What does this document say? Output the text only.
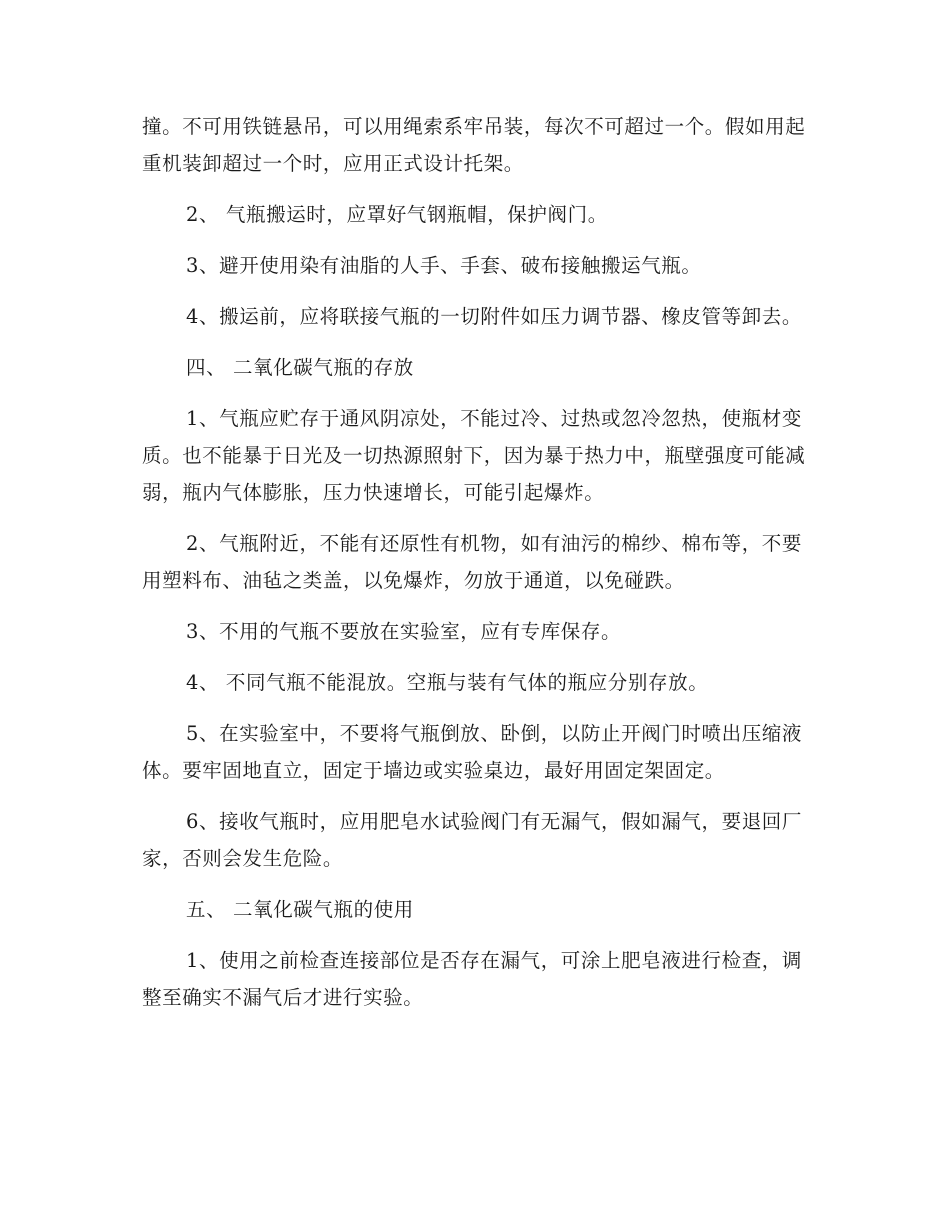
撞。不可用铁链悬吊，可以用绳索系牢吊装，每次不可超过一个。假如用起重机装卸超过一个时，应用正式设计托架。

2、 气瓶搬运时，应罩好气钢瓶帽，保护阀门。

3、避开使用染有油脂的人手、手套、破布接触搬运气瓶。

4、搬运前，应将联接气瓶的一切附件如压力调节器、橡皮管等卸去。

四、 二氧化碳气瓶的存放

1、气瓶应贮存于通风阴凉处，不能过冷、过热或忽冷忽热，使瓶材变质。也不能暴于日光及一切热源照射下，因为暴于热力中，瓶壁强度可能减弱，瓶内气体膨胀，压力快速增长，可能引起爆炸。

2、气瓶附近，不能有还原性有机物，如有油污的棉纱、棉布等，不要用塑料布、油毡之类盖，以免爆炸，勿放于通道，以免碰跌。

3、不用的气瓶不要放在实验室，应有专库保存。

4、 不同气瓶不能混放。空瓶与装有气体的瓶应分别存放。

5、在实验室中，不要将气瓶倒放、卧倒，以防止开阀门时喷出压缩液体。要牢固地直立，固定于墙边或实验桌边，最好用固定架固定。

6、接收气瓶时，应用肥皂水试验阀门有无漏气，假如漏气，要退回厂家，否则会发生危险。

五、 二氧化碳气瓶的使用

1、使用之前检查连接部位是否存在漏气，可涂上肥皂液进行检查，调整至确实不漏气后才进行实验。
